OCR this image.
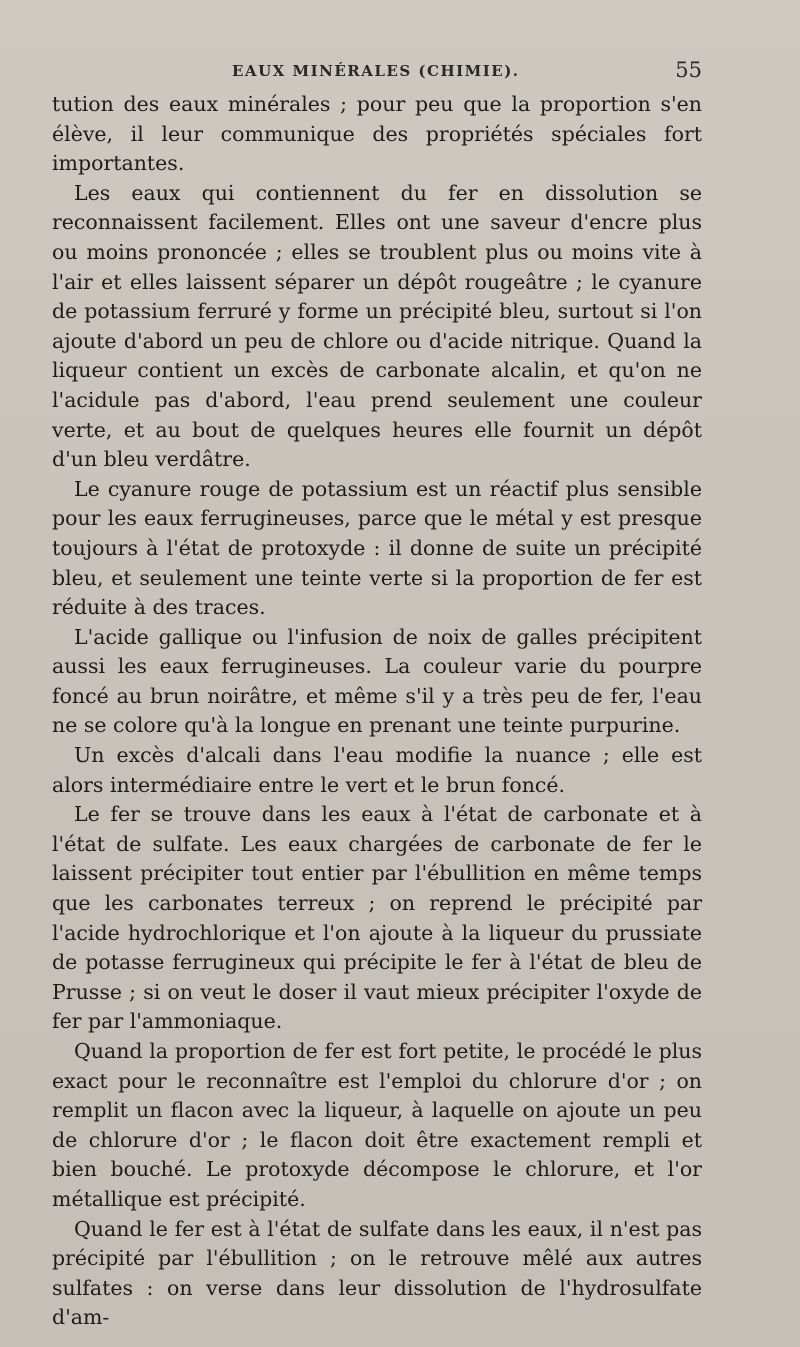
EAUX MINÉRALES (CHIMIE).	55

tution des eaux minérales ; pour peu que la proportion s'en élève, il leur communique des propriétés spéciales fort importantes.

Les eaux qui contiennent du fer en dissolution se reconnaissent facilement. Elles ont une saveur d'encre plus ou moins prononcée ; elles se troublent plus ou moins vite à l'air et elles laissent séparer un dépôt rougeâtre ; le cyanure de potassium ferruré y forme un précipité bleu, surtout si l'on ajoute d'abord un peu de chlore ou d'acide nitrique. Quand la liqueur contient un excès de carbonate alcalin, et qu'on ne l'acidule pas d'abord, l'eau prend seulement une couleur verte, et au bout de quelques heures elle fournit un dépôt d'un bleu verdâtre.

Le cyanure rouge de potassium est un réactif plus sensible pour les eaux ferrugineuses, parce que le métal y est presque toujours à l'état de protoxyde : il donne de suite un précipité bleu, et seulement une teinte verte si la proportion de fer est réduite à des traces.

L'acide gallique ou l'infusion de noix de galles précipitent aussi les eaux ferrugineuses. La couleur varie du pourpre foncé au brun noirâtre, et même s'il y a très peu de fer, l'eau ne se colore qu'à la longue en prenant une teinte purpurine.

Un excès d'alcali dans l'eau modifie la nuance ; elle est alors intermédiaire entre le vert et le brun foncé.

Le fer se trouve dans les eaux à l'état de carbonate et à l'état de sulfate. Les eaux chargées de carbonate de fer le laissent précipiter tout entier par l'ébullition en même temps que les carbonates terreux ; on reprend le précipité par l'acide hydrochlorique et l'on ajoute à la liqueur du prussiate de potasse ferrugineux qui précipite le fer à l'état de bleu de Prusse ; si on veut le doser il vaut mieux précipiter l'oxyde de fer par l'ammoniaque.

Quand la proportion de fer est fort petite, le procédé le plus exact pour le reconnaître est l'emploi du chlorure d'or ; on remplit un flacon avec la liqueur, à laquelle on ajoute un peu de chlorure d'or ; le flacon doit être exactement rempli et bien bouché. Le protoxyde décompose le chlorure, et l'or métallique est précipité.

Quand le fer est à l'état de sulfate dans les eaux, il n'est pas précipité par l'ébullition ; on le retrouve mêlé aux autres sulfates : on verse dans leur dissolution de l'hydrosulfate d'am-
